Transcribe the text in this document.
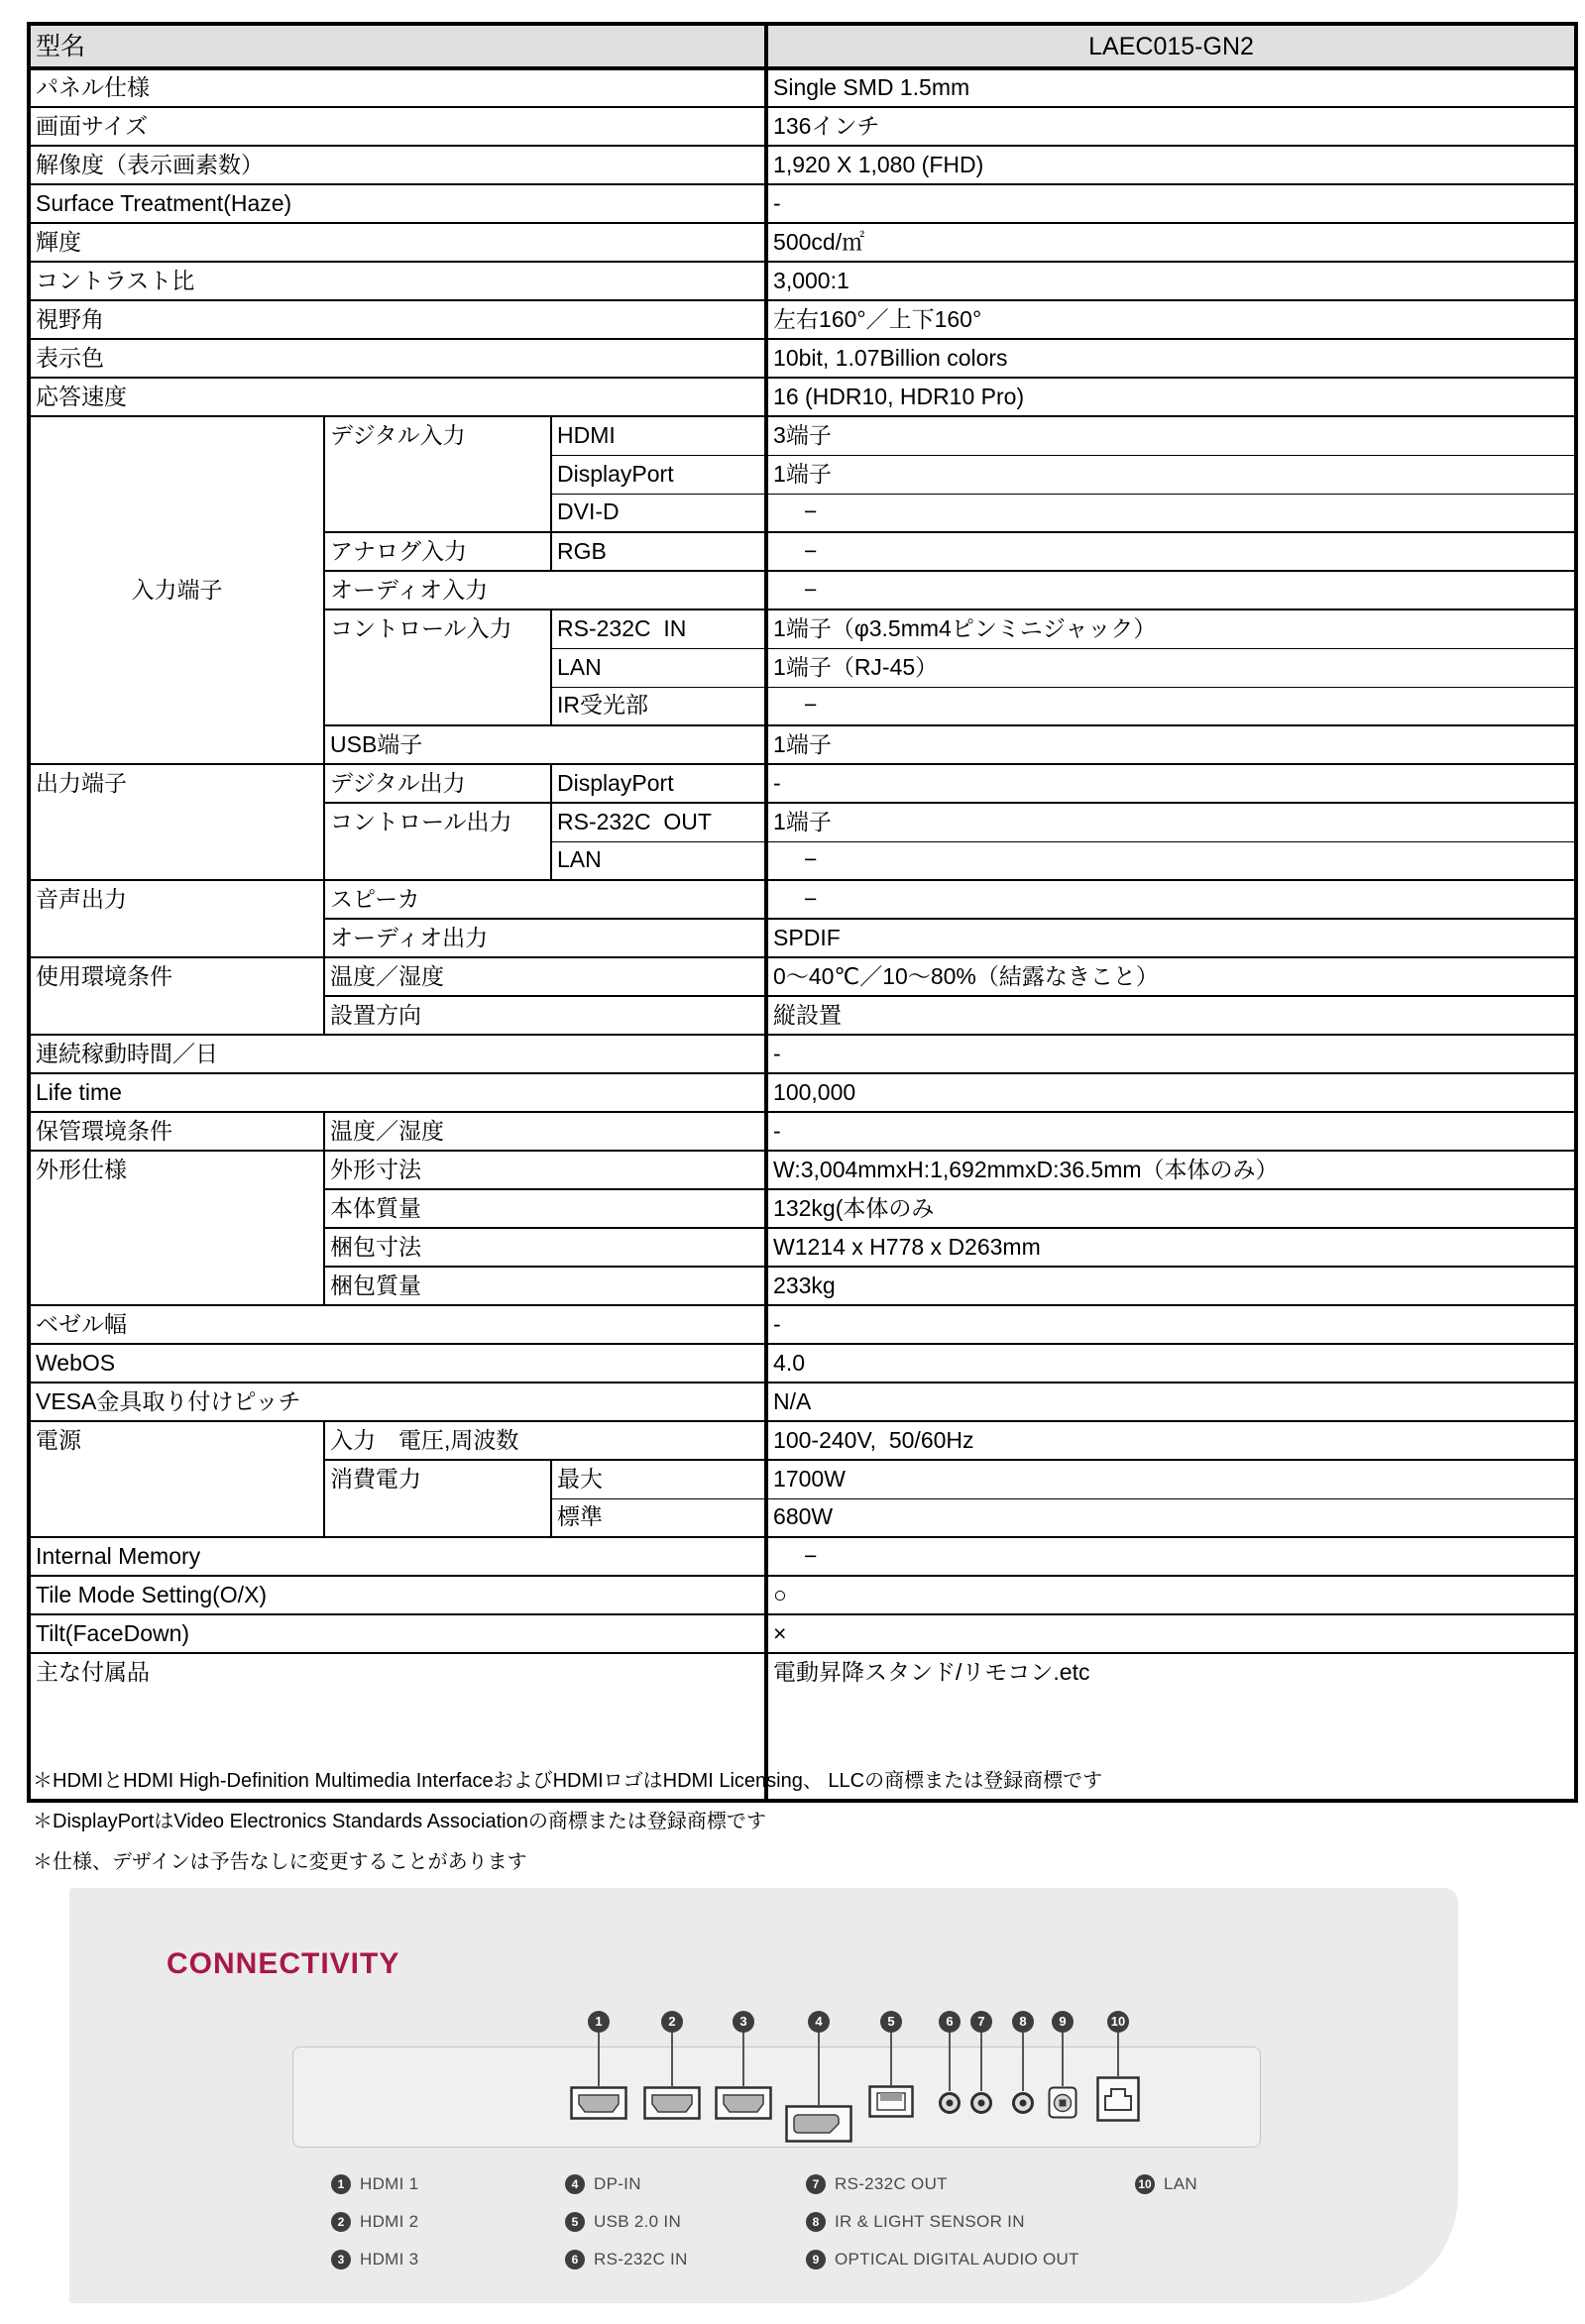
型名			LAEC015-GN2
パネル仕様			Single SMD 1.5mm
画面サイズ			136インチ
解像度（表示画素数）			1,920 X 1,080 (FHD)
Surface Treatment(Haze)			-
輝度			500cd/㎡
コントラスト比			3,000:1
視野角			左右160°／上下160°
表示色			10bit, 1.07Billion colors
応答速度			16 (HDR10, HDR10 Pro)
入力端子	デジタル入力	HDMI	3端子
		DisplayPort	1端子
		DVI-D	−
	アナログ入力	RGB	−
	オーディオ入力		−
	コントロール入力	RS-232C  IN	1端子（φ3.5mm4ピンミニジャック）
		LAN	1端子（RJ-45）
		IR受光部	−
	USB端子		1端子
出力端子	デジタル出力	DisplayPort	-
	コントロール出力	RS-232C  OUT	1端子
		LAN	−
音声出力	スピーカ		−
	オーディオ出力		SPDIF
使用環境条件	温度／湿度		0〜40℃／10〜80%（結露なきこと）
	設置方向		縦設置
連続稼動時間／日			-
Life time			100,000
保管環境条件	温度／湿度		-
外形仕様	外形寸法		W:3,004mmxH:1,692mmxD:36.5mm（本体のみ）
	本体質量		132kg(本体のみ
	梱包寸法		W1214 x H778 x D263mm
	梱包質量		233kg
ベゼル幅			-
WebOS			4.0
VESA金具取り付けピッチ			N/A
電源	入力　電圧,周波数		100-240V,  50/60Hz
	消費電力	最大	1700W
		標準	680W
Internal Memory			−
Tile Mode Setting(O/X)			○
Tilt(FaceDown)			×
主な付属品			電動昇降スタンド/リモコン.etc
＊HDMIとHDMI High-Definition Multimedia InterfaceおよびHDMIロゴはHDMI Licensing、 LLCの商標または登録商標です
＊DisplayPortはVideo Electronics Standards Associationの商標または登録商標です
＊仕様、デザインは予告なしに変更することがあります
CONNECTIVITY
1	2	3	4	5	6	7	8	9	10
1 HDMI 1
2 HDMI 2
3 HDMI 3
4 DP-IN
5 USB 2.0 IN
6 RS-232C IN
7 RS-232C OUT
8 IR & LIGHT SENSOR IN
9 OPTICAL DIGITAL AUDIO OUT
10 LAN
